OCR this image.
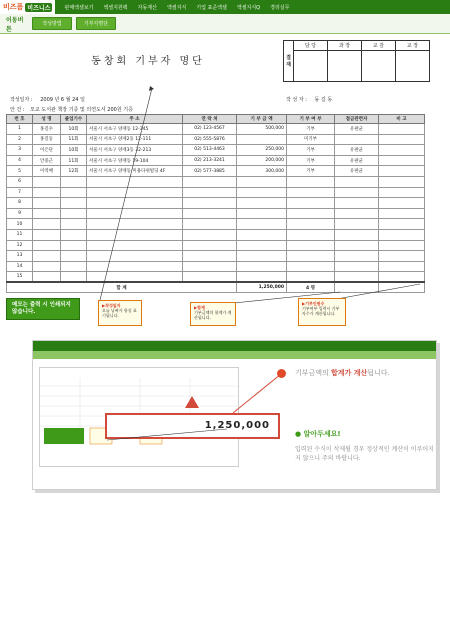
비즈폼 비즈니스	판매액셀보기	액셀지원팩	자동계산	액셀지식	기업 표준액셀	액셀지식Q	경리실무
이동버튼
작성방법	기부자명단
동창회 기부자 명단	결재	담 당	과 장	교 감	교 장

작성일자 : 2009 년 6 월 24 일	작 성 자 : 동 길 동
안 건 : 모교 도서관 책장 기증 및 의연도서 200원 기증
번 호	성 명	졸업기수	주 소	연 락 처	기 부 금 액	기 부 여 부	접금관련자	비 고
1	홍길수	10회	서울시 서초구 양재동 12-345	02) 123-4567	500,000	기부	유판균	
2	홍길동	11회	서울시 서초구 양재2동 12-111	02) 555-5876		미기부		
3	이은단	10회	서울시 서초구 양재3동 32-213	02) 513-4463	250,000	기부	유판균	
4	안중근	11회	서울시 서초구 양재동 19-104	02) 213-3241	200,000	기부	유판균	
5	이역배	12회	서울시 서초구 양재동 미용다위빌딩 4F	02) 577-3885	300,000	기부	유판균	
6								
7								
8								
9								
10								
11								
12								
13								
14								
15								
합 계					1,250,000	4 명		
메모는 출력 시 인쇄되지 않습니다.
▶작성일자
오늘 날짜가 항상 표기됩니다.
▶합계
기부금액의 합계가 계산됩니다.
▶기부인원수
기부여부 입력시 기부자수가 계산됩니다.
1,250,000
기부금액의 합계가 계산됩니다.
● 알아두세요!
입력된 수식이 삭제될 경우 정상적인 계산이 이루어지지 않으니 주의 바랍니다.
